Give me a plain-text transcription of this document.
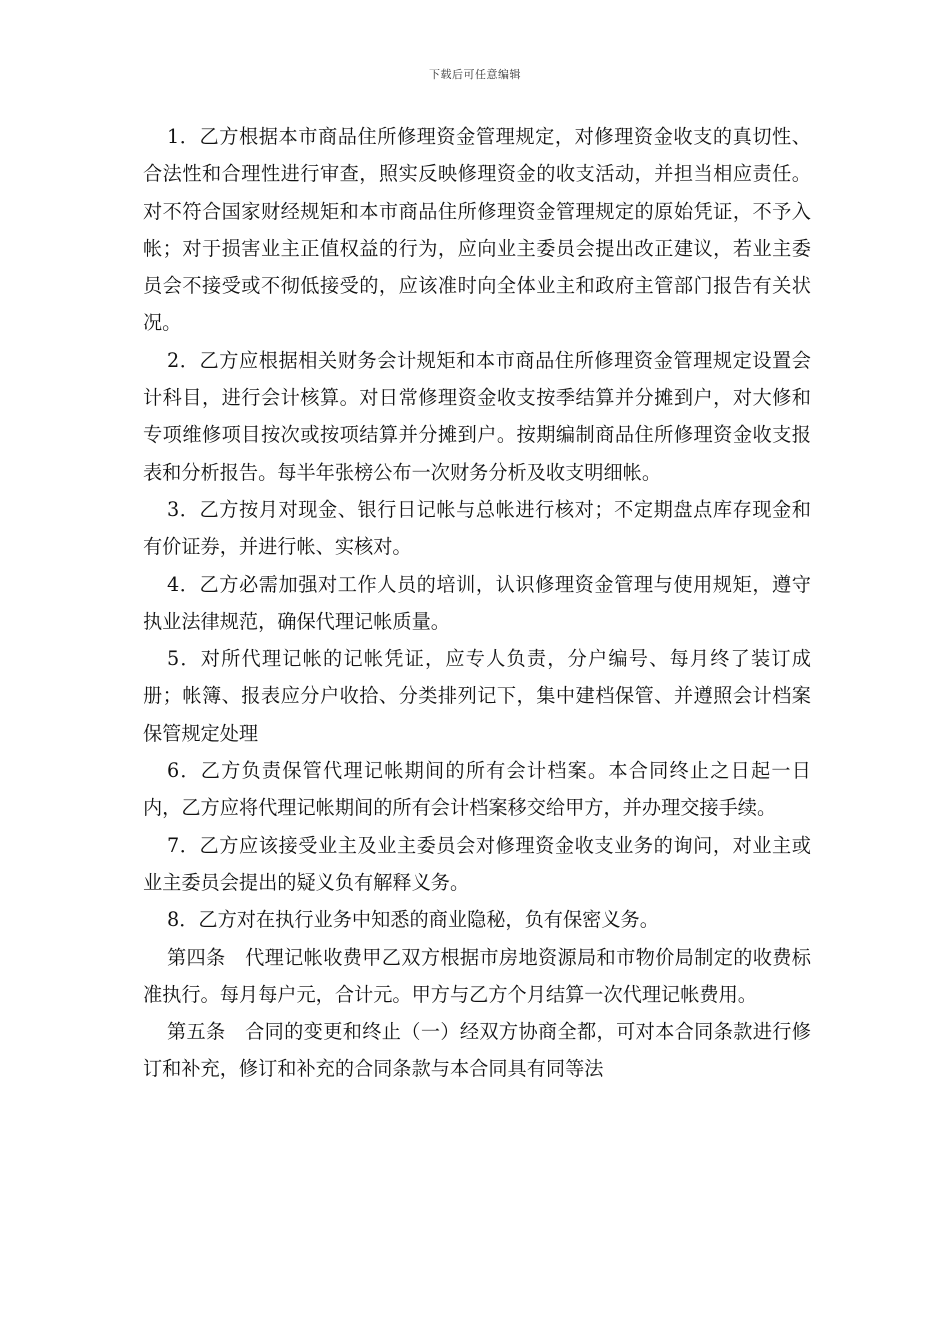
下载后可任意编辑

1．乙方根据本市商品住所修理资金管理规定，对修理资金收支的真切性、合法性和合理性进行审查，照实反映修理资金的收支活动，并担当相应责任。对不符合国家财经规矩和本市商品住所修理资金管理规定的原始凭证，不予入帐；对于损害业主正值权益的行为，应向业主委员会提出改正建议，若业主委员会不接受或不彻低接受的，应该准时向全体业主和政府主管部门报告有关状况。

2．乙方应根据相关财务会计规矩和本市商品住所修理资金管理规定设置会计科目，进行会计核算。对日常修理资金收支按季结算并分摊到户，对大修和专项维修项目按次或按项结算并分摊到户。按期编制商品住所修理资金收支报表和分析报告。每半年张榜公布一次财务分析及收支明细帐。

3．乙方按月对现金、银行日记帐与总帐进行核对；不定期盘点库存现金和有价证券，并进行帐、实核对。

4．乙方必需加强对工作人员的培训，认识修理资金管理与使用规矩，遵守执业法律规范，确保代理记帐质量。

5．对所代理记帐的记帐凭证，应专人负责，分户编号、每月终了装订成册；帐簿、报表应分户收拾、分类排列记下，集中建档保管、并遵照会计档案保管规定处理

6．乙方负责保管代理记帐期间的所有会计档案。本合同终止之日起一日内，乙方应将代理记帐期间的所有会计档案移交给甲方，并办理交接手续。

7．乙方应该接受业主及业主委员会对修理资金收支业务的询问，对业主或业主委员会提出的疑义负有解释义务。

8．乙方对在执行业务中知悉的商业隐秘，负有保密义务。

第四条　代理记帐收费甲乙双方根据市房地资源局和市物价局制定的收费标准执行。每月每户元，合计元。甲方与乙方个月结算一次代理记帐费用。

第五条　合同的变更和终止（一）经双方协商全都，可对本合同条款进行修订和补充，修订和补充的合同条款与本合同具有同等法
